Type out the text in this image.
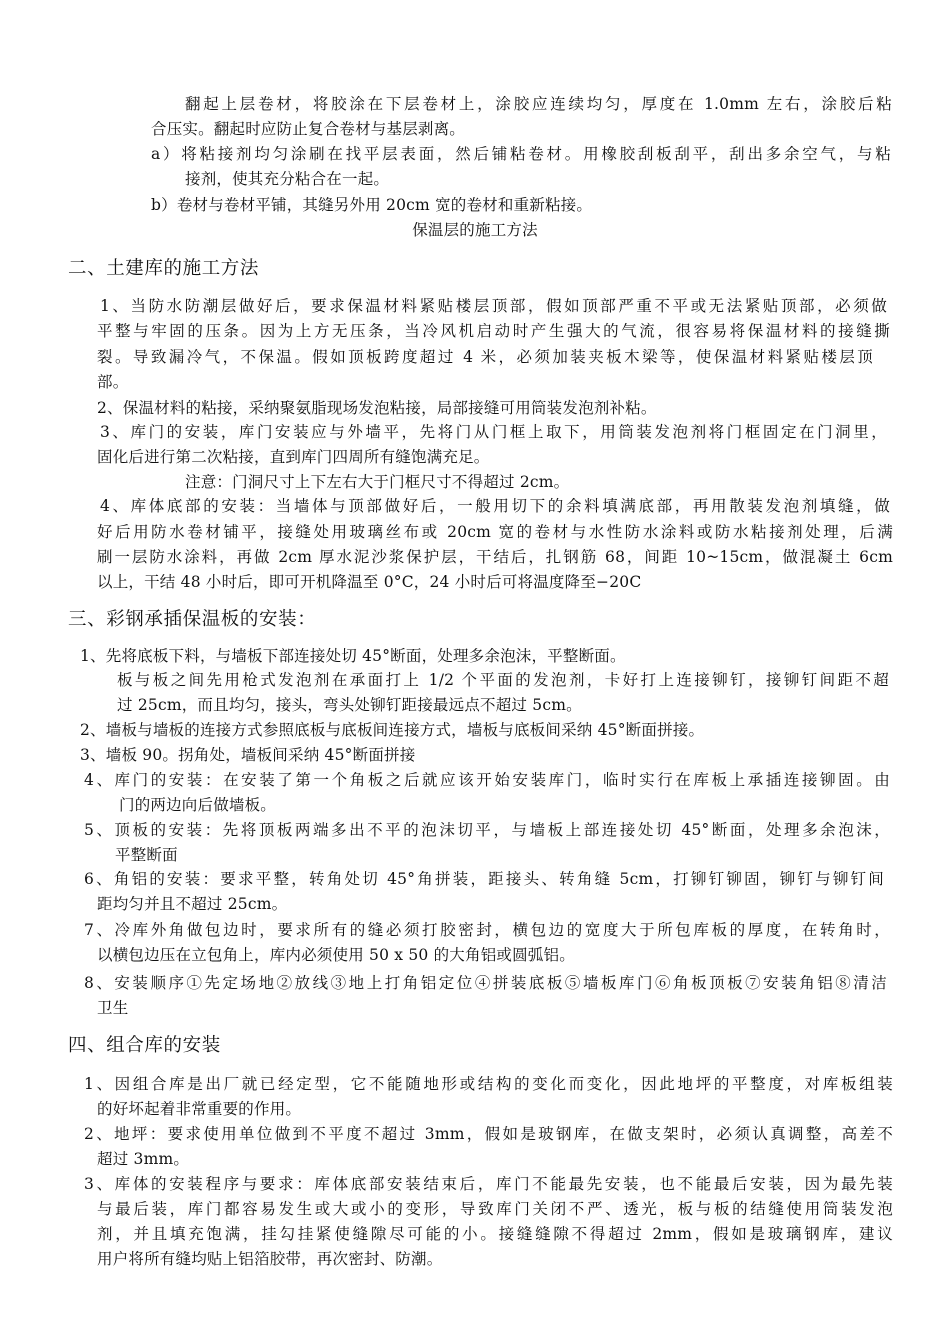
翻起上层卷材，将胶涂在下层卷材上，涂胶应连续均匀，厚度在 1.0mm 左右，涂胶后粘

合压实。翻起时应防止复合卷材与基层剥离。

a）将粘接剂均匀涂刷在找平层表面，然后铺粘卷材。用橡胶刮板刮平，刮出多余空气，与粘

接剂，使其充分粘合在一起。

b）卷材与卷材平铺，其缝另外用 20cm 宽的卷材和重新粘接。

保温层的施工方法

二、土建库的施工方法

1、当防水防潮层做好后，要求保温材料紧贴楼层顶部，假如顶部严重不平或无法紧贴顶部，必须做

平整与牢固的压条。因为上方无压条，当冷风机启动时产生强大的气流，很容易将保温材料的接缝撕

裂。导致漏冷气，不保温。假如顶板跨度超过 4 米，必须加装夹板木梁等，使保温材料紧贴楼层顶

部。

2、保温材料的粘接，采纳聚氨脂现场发泡粘接，局部接缝可用筒装发泡剂补粘。

3、库门的安装，库门安装应与外墙平，先将门从门框上取下，用筒装发泡剂将门框固定在门洞里，

固化后进行第二次粘接，直到库门四周所有缝饱满充足。

注意：门洞尺寸上下左右大于门框尺寸不得超过 2cm。

4、库体底部的安装：当墙体与顶部做好后，一般用切下的余料填满底部，再用散装发泡剂填缝，做

好后用防水卷材铺平，接缝处用玻璃丝布或 20cm 宽的卷材与水性防水涂料或防水粘接剂处理，后满

刷一层防水涂料，再做 2cm 厚水泥沙浆保护层，干结后，扎钢筋 68，间距 10~15cm，做混凝土 6cm

以上，干结 48 小时后，即可开机降温至 0°C，24 小时后可将温度降至−20C

三、彩钢承插保温板的安装：

1、先将底板下料，与墙板下部连接处切 45°断面，处理多余泡沫，平整断面。

板与板之间先用枪式发泡剂在承面打上 1/2 个平面的发泡剂，卡好打上连接铆钉，接铆钉间距不超

过 25cm，而且均匀，接头，弯头处铆钉距接最远点不超过 5cm。

2、墙板与墙板的连接方式参照底板与底板间连接方式，墙板与底板间采纳 45°断面拼接。

3、墙板 90。拐角处，墙板间采纳 45°断面拼接

4、库门的安装：在安装了第一个角板之后就应该开始安装库门，临时实行在库板上承插连接铆固。由

门的两边向后做墙板。

5、顶板的安装：先将顶板两端多出不平的泡沫切平，与墙板上部连接处切 45°断面，处理多余泡沫，

平整断面

6、角铝的安装：要求平整，转角处切 45°角拼装，距接头、转角缝 5cm，打铆钉铆固，铆钉与铆钉间

距均匀并且不超过 25cm。

7、冷库外角做包边时，要求所有的缝必须打胶密封，横包边的宽度大于所包库板的厚度，在转角时，

以横包边压在立包角上，库内必须使用 50 x 50 的大角铝或圆弧铝。

8、安装顺序①先定场地②放线③地上打角铝定位④拼装底板⑤墙板库门⑥角板顶板⑦安装角铝⑧清洁

卫生

四、组合库的安装

1、因组合库是出厂就已经定型，它不能随地形或结构的变化而变化，因此地坪的平整度，对库板组装

的好坏起着非常重要的作用。

2、地坪：要求使用单位做到不平度不超过 3mm，假如是玻钢库，在做支架时，必须认真调整，高差不

超过 3mm。

3、库体的安装程序与要求：库体底部安装结束后，库门不能最先安装，也不能最后安装，因为最先装

与最后装，库门都容易发生或大或小的变形，导致库门关闭不严、透光，板与板的结缝使用筒装发泡

剂，并且填充饱满，挂勾挂紧使缝隙尽可能的小。接缝缝隙不得超过 2mm，假如是玻璃钢库，建议

用户将所有缝均贴上铝箔胶带，再次密封、防潮。
